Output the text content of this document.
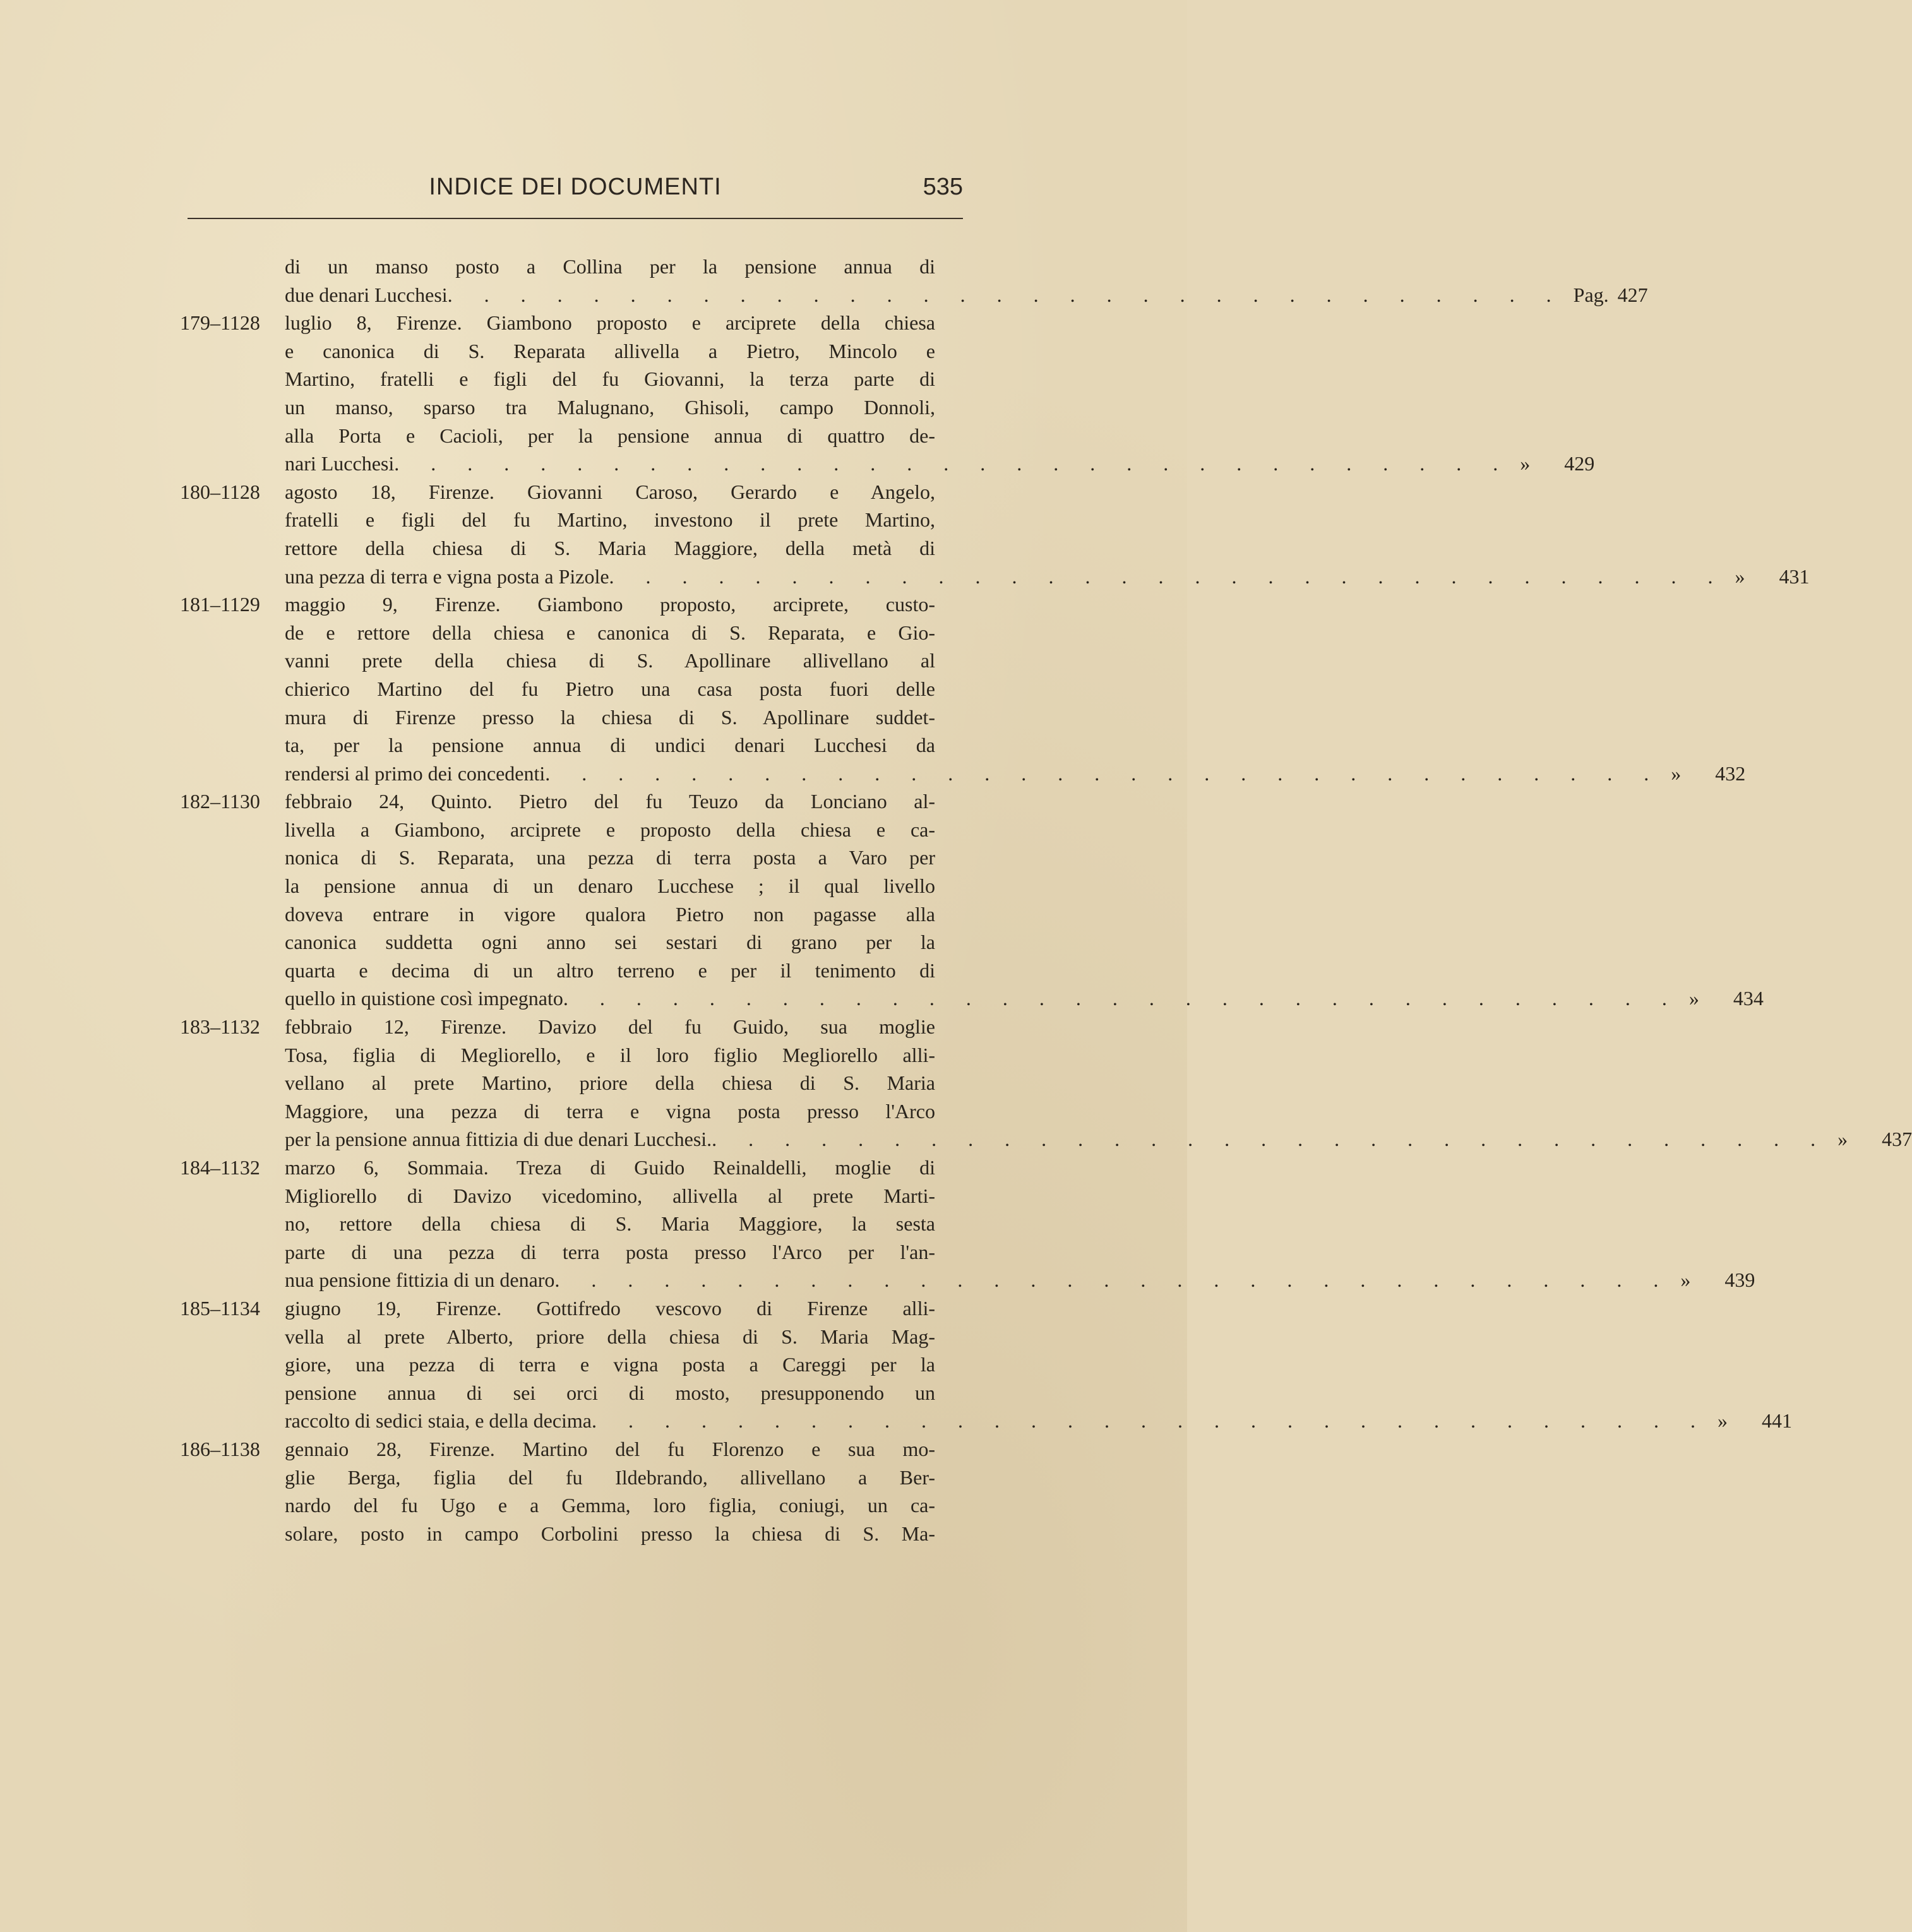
INDICE DEI DOCUMENTI	535
di un manso posto a Collina per la pensione annua di
due denari Lucchesi . . . . . . . . . . . . . . . . . . . . . . . . . . . . . . . Pag. 427
179–1128 luglio 8, Firenze. Giambono proposto e arciprete della chiesa
e canonica di S. Reparata allivella a Pietro, Mincolo e
Martino, fratelli e figli del fu Giovanni, la terza parte di
un manso, sparso tra Malugnano, Ghisoli, campo Donnoli,
alla Porta e Cacioli, per la pensione annua di quattro de-
nari Lucchesi . . . . . . . . . . . . . . . . . . . . . . . . . . . . . . . » 429
180–1128 agosto 18, Firenze. Giovanni Caroso, Gerardo e Angelo,
fratelli e figli del fu Martino, investono il prete Martino,
rettore della chiesa di S. Maria Maggiore, della metà di
una pezza di terra e vigna posta a Pizole . . . . . . . . . . . . . . . . . . . . . . . . . . . . . . . » 431
181–1129 maggio 9, Firenze. Giambono proposto, arciprete, custo-
de e rettore della chiesa e canonica di S. Reparata, e Gio-
vanni prete della chiesa di S. Apollinare allivellano al
chierico Martino del fu Pietro una casa posta fuori delle
mura di Firenze presso la chiesa di S. Apollinare suddet-
ta, per la pensione annua di undici denari Lucchesi da
rendersi al primo dei concedenti . . . . . . . . . . . . . . . . . . . . . . . . . . . . . . . » 432
182–1130 febbraio 24, Quinto. Pietro del fu Teuzo da Lonciano al-
livella a Giambono, arciprete e proposto della chiesa e ca-
nonica di S. Reparata, una pezza di terra posta a Varo per
la pensione annua di un denaro Lucchese ; il qual livello
doveva entrare in vigore qualora Pietro non pagasse alla
canonica suddetta ogni anno sei sestari di grano per la
quarta e decima di un altro terreno e per il tenimento di
quello in quistione così impegnato . . . . . . . . . . . . . . . . . . . . . . . . . . . . . . . » 434
183–1132 febbraio 12, Firenze. Davizo del fu Guido, sua moglie
Tosa, figlia di Megliorello, e il loro figlio Megliorello alli-
vellano al prete Martino, priore della chiesa di S. Maria
Maggiore, una pezza di terra e vigna posta presso l'Arco
per la pensione annua fittizia di due denari Lucchesi. . . . . . . . . . . . . . . . . . . . . . . . . . . . . . . . » 437
184–1132 marzo 6, Sommaia. Treza di Guido Reinaldelli, moglie di
Migliorello di Davizo vicedomino, allivella al prete Marti-
no, rettore della chiesa di S. Maria Maggiore, la sesta
parte di una pezza di terra posta presso l'Arco per l'an-
nua pensione fittizia di un denaro . . . . . . . . . . . . . . . . . . . . . . . . . . . . . . . » 439
185–1134 giugno 19, Firenze. Gottifredo vescovo di Firenze alli-
vella al prete Alberto, priore della chiesa di S. Maria Mag-
giore, una pezza di terra e vigna posta a Careggi per la
pensione annua di sei orci di mosto, presupponendo un
raccolto di sedici staia, e della decima . . . . . . . . . . . . . . . . . . . . . . . . . . . . . . . » 441
186–1138 gennaio 28, Firenze. Martino del fu Florenzo e sua mo-
glie Berga, figlia del fu Ildebrando, allivellano a Ber-
nardo del fu Ugo e a Gemma, loro figlia, coniugi, un ca-
solare, posto in campo Corbolini presso la chiesa di S. Ma-
